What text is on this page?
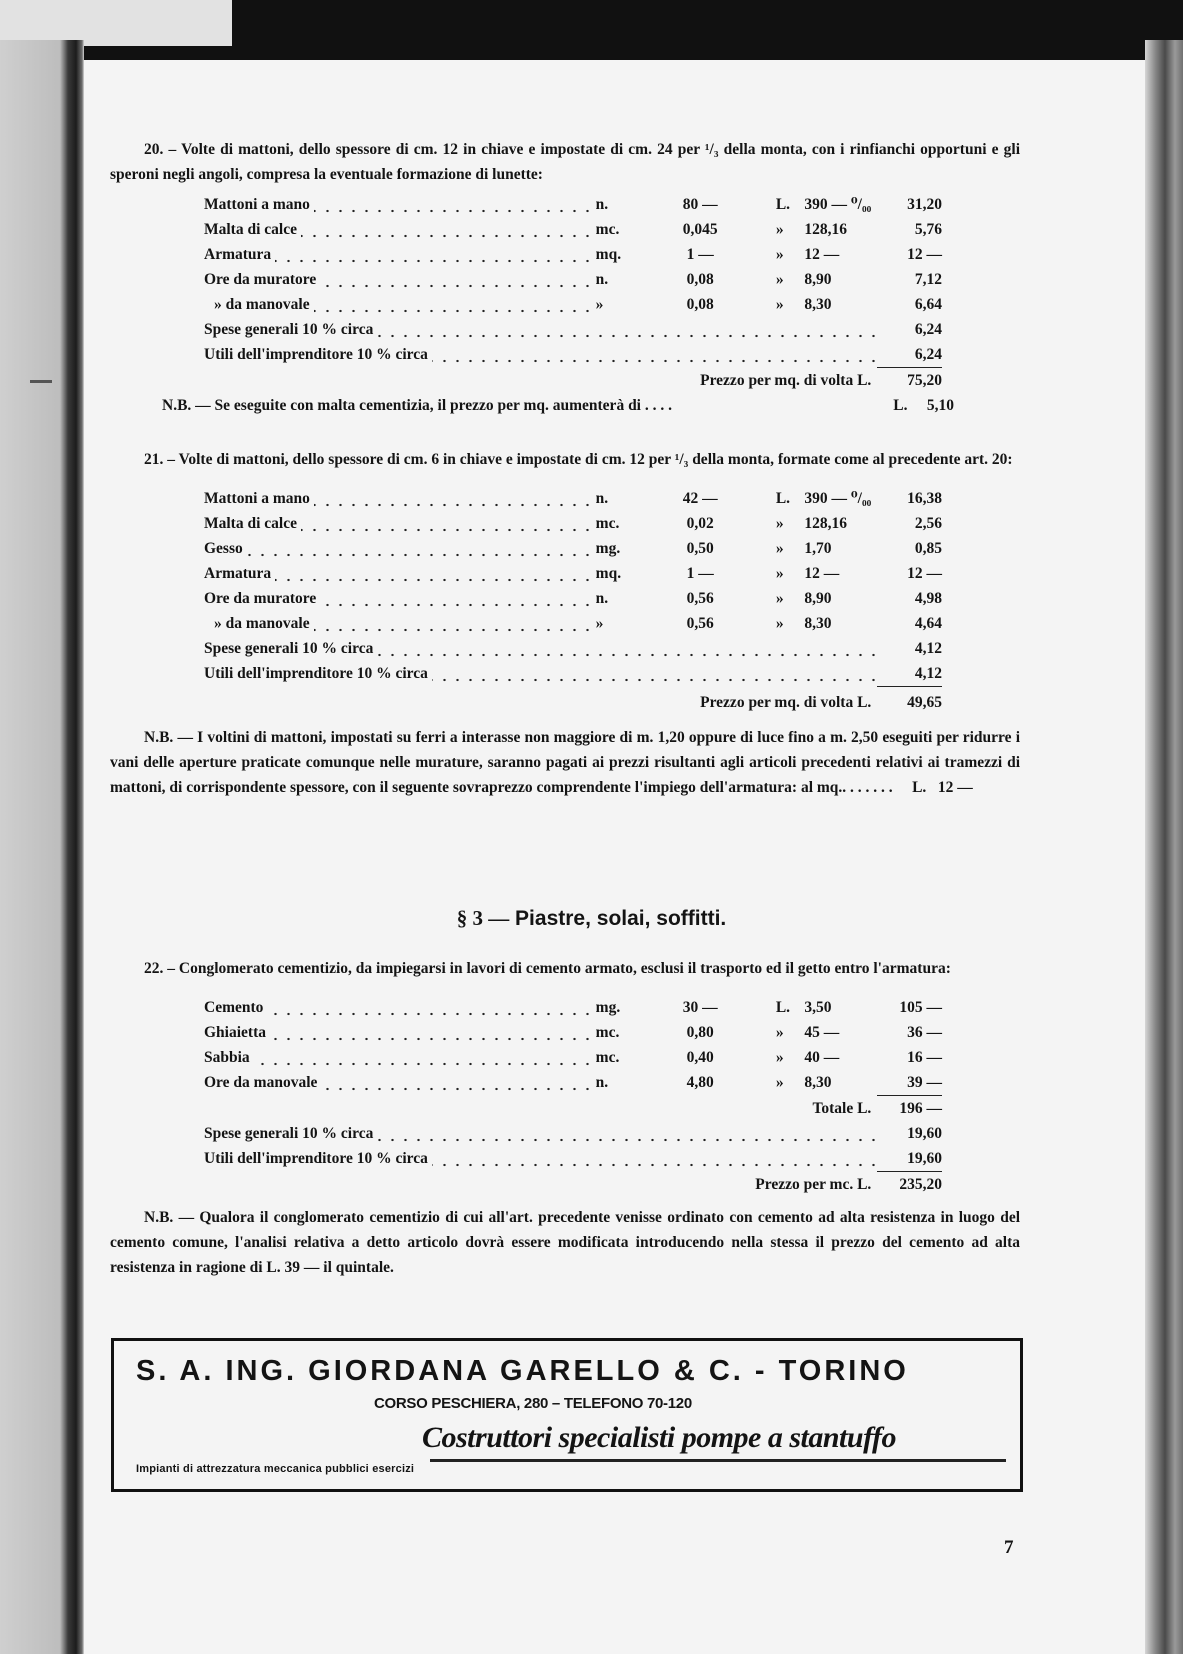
20. – Volte di mattoni, dello spessore di cm. 12 in chiave e impostate di cm. 24 per ¹/₃ della monta, con i rinfianchi opportuni e gli speroni negli angoli, compresa la eventuale formazione di lunette:
Mattoni a mano	n.	80 —	L.	390 — ⁰/₀₀	31,20
Malta di calce	mc.	0,045	»	128,16	5,76
Armatura	mq.	1 —	»	12 —	12 —
Ore da muratore	n.	0,08	»	8,90	7,12
» da manovale	»	0,08	»	8,30	6,64
Spese generali 10 % circa					6,24
Utili dell'imprenditore 10 % circa					6,24
Prezzo per mq. di volta L.					75,20
N.B. — Se eseguite con malta cementizia, il prezzo per mq. aumenterà di . . . .	L. 5,10
21. – Volte di mattoni, dello spessore di cm. 6 in chiave e impostate di cm. 12 per ¹/₃ della monta, formate come al precedente art. 20:
Mattoni a mano	n.	42 —	L.	390 — ⁰/₀₀	16,38
Malta di calce	mc.	0,02	»	128,16	2,56
Gesso	mg.	0,50	»	1,70	0,85
Armatura	mq.	1 —	»	12 —	12 —
Ore da muratore	n.	0,56	»	8,90	4,98
» da manovale	»	0,56	»	8,30	4,64
Spese generali 10 % circa					4,12
Utili dell'imprenditore 10 % circa					4,12
Prezzo per mq. di volta L.					49,65
N.B. — I voltini di mattoni, impostati su ferri a interasse non maggiore di m. 1,20 oppure di luce fino a m. 2,50 eseguiti per ridurre i vani delle aperture praticate comunque nelle murature, saranno pagati ai prezzi risultanti agli articoli precedenti relativi ai tramezzi di mattoni, di corrispondente spessore, con il seguente sovraprezzo comprendente l'impiego dell'armatura: al mq.. . . . . . . L. 12 —
§ 3 — Piastre, solai, soffitti.
22. – Conglomerato cementizio, da impiegarsi in lavori di cemento armato, esclusi il trasporto ed il getto entro l'armatura:
Cemento	mg.	30 —	L.	3,50	105 —
Ghiaietta	mc.	0,80	»	45 —	36 —
Sabbia	mc.	0,40	»	40 —	16 —
Ore da manovale	n.	4,80	»	8,30	39 —
Totale L.					196 —
Spese generali 10 % circa					19,60
Utili dell'imprenditore 10 % circa					19,60
Prezzo per mc. L.					235,20
N.B. — Qualora il conglomerato cementizio di cui all'art. precedente venisse ordinato con cemento ad alta resistenza in luogo del cemento comune, l'analisi relativa a detto articolo dovrà essere modificata introducendo nella stessa il prezzo del cemento ad alta resistenza in ragione di L. 39 — il quintale.
S. A. ING. GIORDANA GARELLO & C. - TORINO
CORSO PESCHIERA, 280 – TELEFONO 70-120
Costruttori specialisti pompe a stantuffo
Impianti di attrezzatura meccanica pubblici esercizi
7
